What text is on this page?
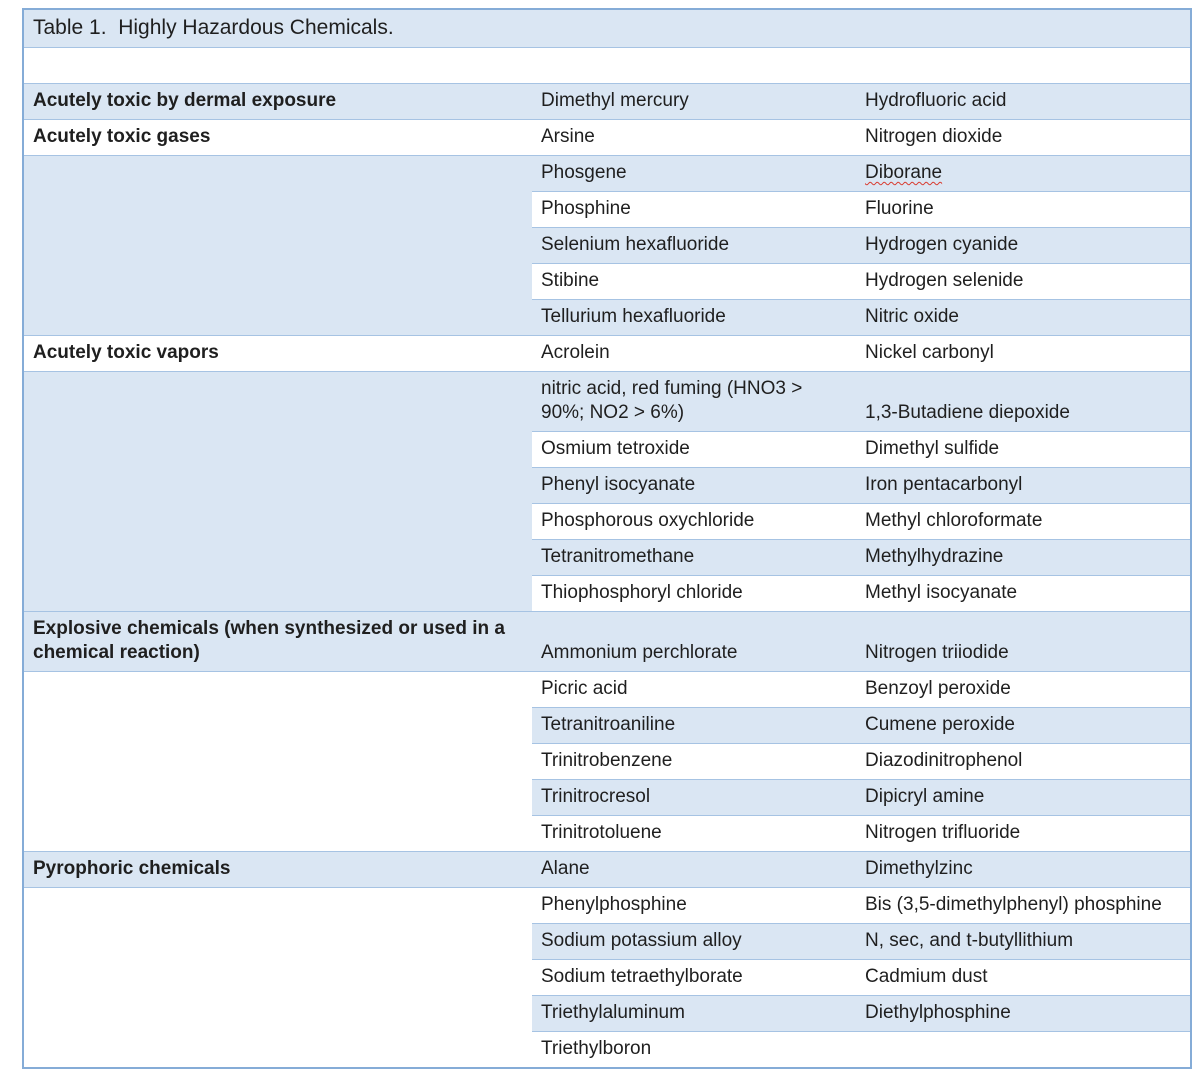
Table 1.  Highly Hazardous Chemicals.		

Acutely toxic by dermal exposure	Dimethyl mercury	Hydrofluoric acid
Acutely toxic gases	Arsine	Nitrogen dioxide
	Phosgene	Diborane
	Phosphine	Fluorine
	Selenium hexafluoride	Hydrogen cyanide
	Stibine	Hydrogen selenide
	Tellurium hexafluoride	Nitric oxide
Acutely toxic vapors	Acrolein	Nickel carbonyl
	nitric acid, red fuming (HNO3 > 90%; NO2 > 6%)	1,3-Butadiene diepoxide
	Osmium tetroxide	Dimethyl sulfide
	Phenyl isocyanate	Iron pentacarbonyl
	Phosphorous oxychloride	Methyl chloroformate
	Tetranitromethane	Methylhydrazine
	Thiophosphoryl chloride	Methyl isocyanate
Explosive chemicals (when synthesized or used in a chemical reaction)	Ammonium perchlorate	Nitrogen triiodide
	Picric acid	Benzoyl peroxide
	Tetranitroaniline	Cumene peroxide
	Trinitrobenzene	Diazodinitrophenol
	Trinitrocresol	Dipicryl amine
	Trinitrotoluene	Nitrogen trifluoride
Pyrophoric chemicals	Alane	Dimethylzinc
	Phenylphosphine	Bis (3,5-dimethylphenyl) phosphine
	Sodium potassium alloy	N, sec, and t-butyllithium
	Sodium tetraethylborate	Cadmium dust
	Triethylaluminum	Diethylphosphine
	Triethylboron	
